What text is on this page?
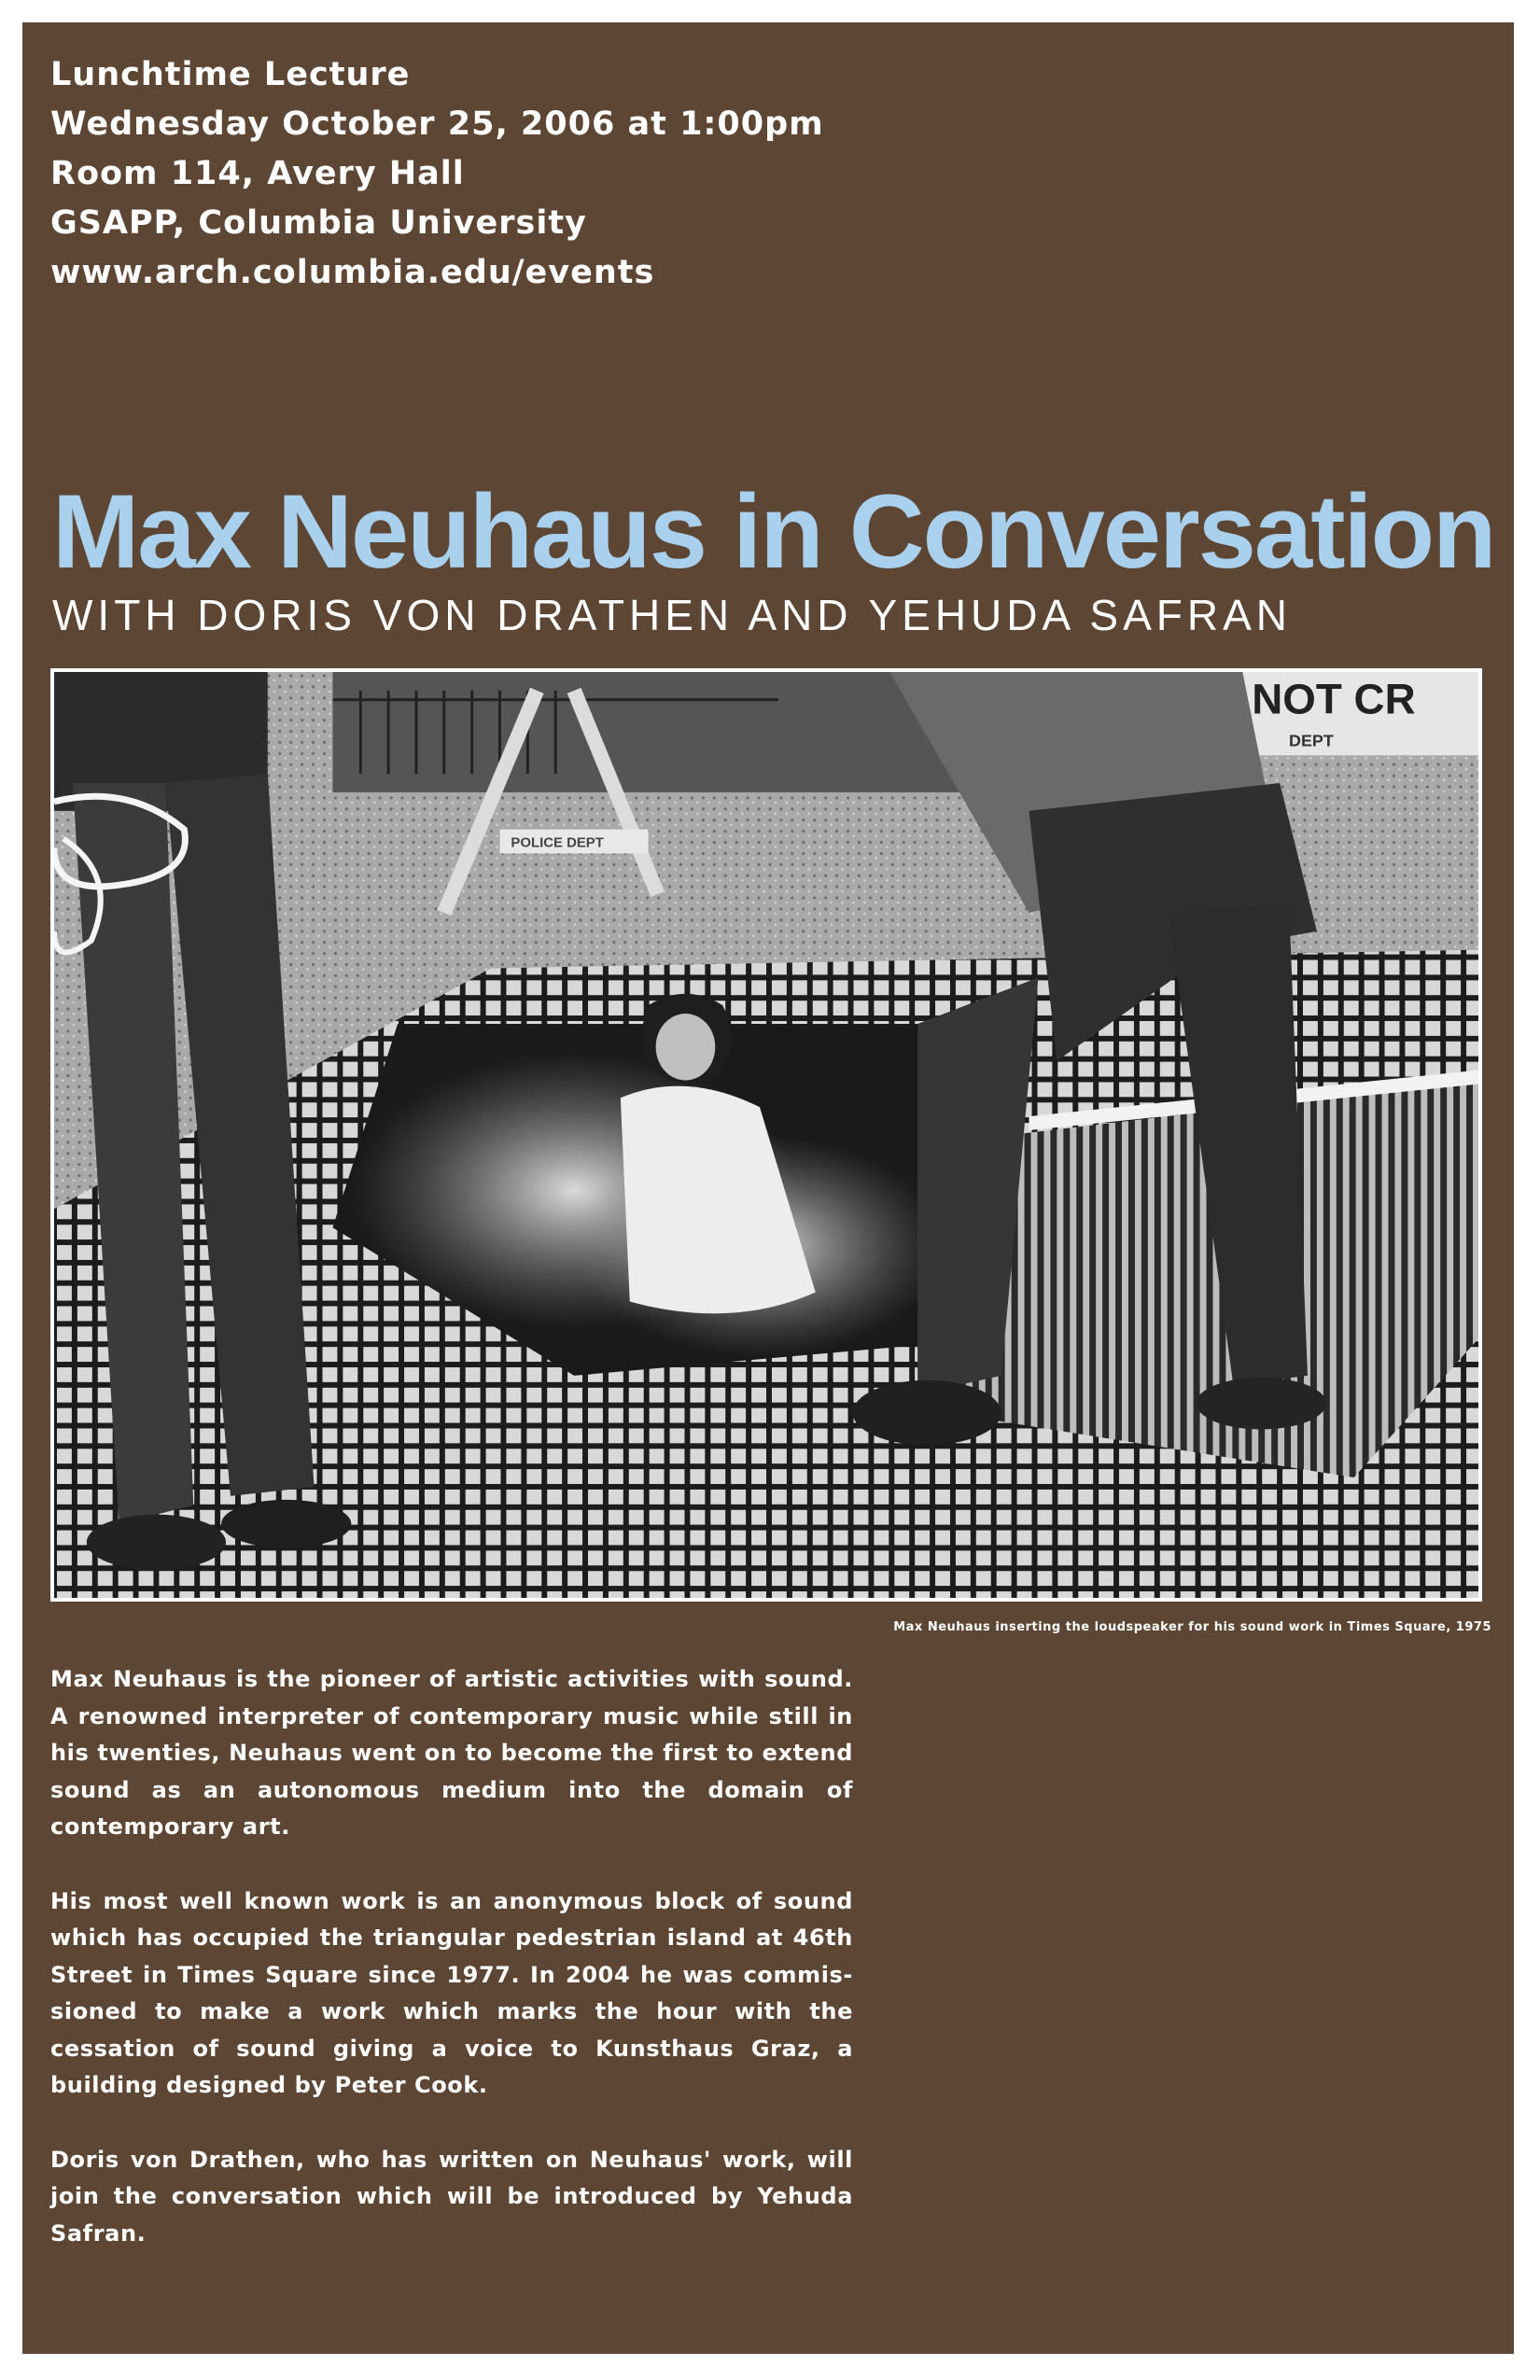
Lunchtime Lecture
Wednesday October 25, 2006 at 1:00pm
Room 114, Avery Hall
GSAPP, Columbia University
www.arch.columbia.edu/events
Max Neuhaus in Conversation
WITH DORIS VON DRATHEN AND YEHUDA SAFRAN
NOT CR
DEPT
POLICE DEPT
Max Neuhaus inserting the loudspeaker for his sound work in Times Square, 1975

Max Neuhaus is the pioneer of artistic activities with sound. A renowned interpreter of contemporary music while still in his twenties, Neuhaus went on to become the first to extend sound as an autonomous medium into the domain of contemporary art.

His most well known work is an anonymous block of sound which has occupied the triangular pedestrian island at 46th Street in Times Square since 1977. In 2004 he was commis-sioned to make a work which marks the hour with the cessation of sound giving a voice to Kunsthaus Graz, a building designed by Peter Cook.

Doris von Drathen, who has written on Neuhaus' work, will join the conversation which will be introduced by Yehuda Safran.
